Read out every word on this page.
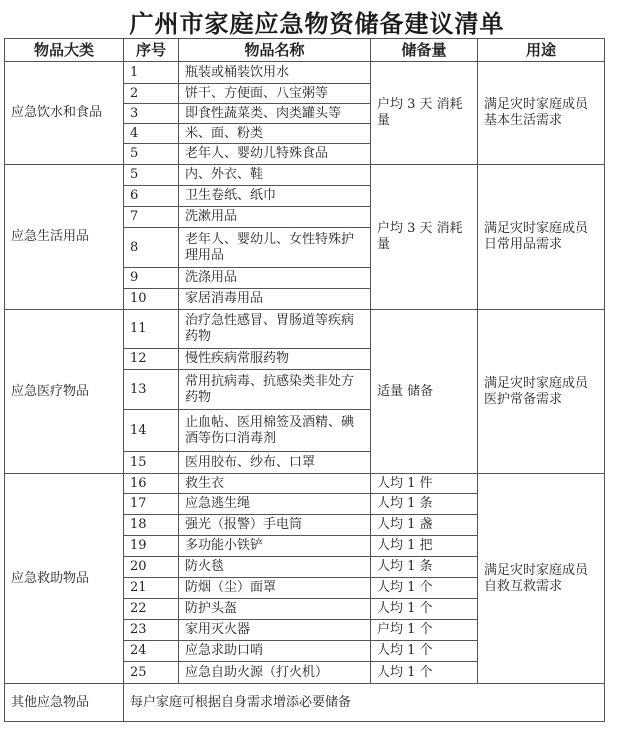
广州市家庭应急物资储备建议清单
物品大类	序号	物品名称	储备量	用途
应急饮水和食品	1	瓶装或桶装饮用水	户均 3 天 消耗量	满足灾时家庭成员基本生活需求
	2	饼干、方便面、八宝粥等		
	3	即食性蔬菜类、肉类罐头等		
	4	米、面、粉类		
	5	老年人、婴幼儿特殊食品		
应急生活用品	5	内、外衣、鞋	户均 3 天 消耗量	满足灾时家庭成员日常用品需求
	6	卫生卷纸、纸巾		
	7	洗漱用品		
	8	老年人、婴幼儿、女性特殊护理用品		
	9	洗涤用品		
	10	家居消毒用品		
应急医疗物品	11	治疗急性感冒、胃肠道等疾病药物	适量 储备	满足灾时家庭成员医护常备需求
	12	慢性疾病常服药物		
	13	常用抗病毒、抗感染类非处方药物		
	14	止血帖、医用棉签及酒精、碘酒等伤口消毒剂		
	15	医用胶布、纱布、口罩		
应急救助物品	16	救生衣	人均 1 件	满足灾时家庭成员自救互救需求
	17	应急逃生绳	人均 1 条	
	18	强光（报警）手电筒	人均 1 盏	
	19	多功能小铁铲	人均 1 把	
	20	防火毯	人均 1 条	
	21	防烟（尘）面罩	人均 1 个	
	22	防护头盔	人均 1 个	
	23	家用灭火器	户均 1 个	
	24	应急求助口哨	人均 1 个	
	25	应急自助火源（打火机）	人均 1 个	
其他应急物品	每户家庭可根据自身需求增添必要储备			
